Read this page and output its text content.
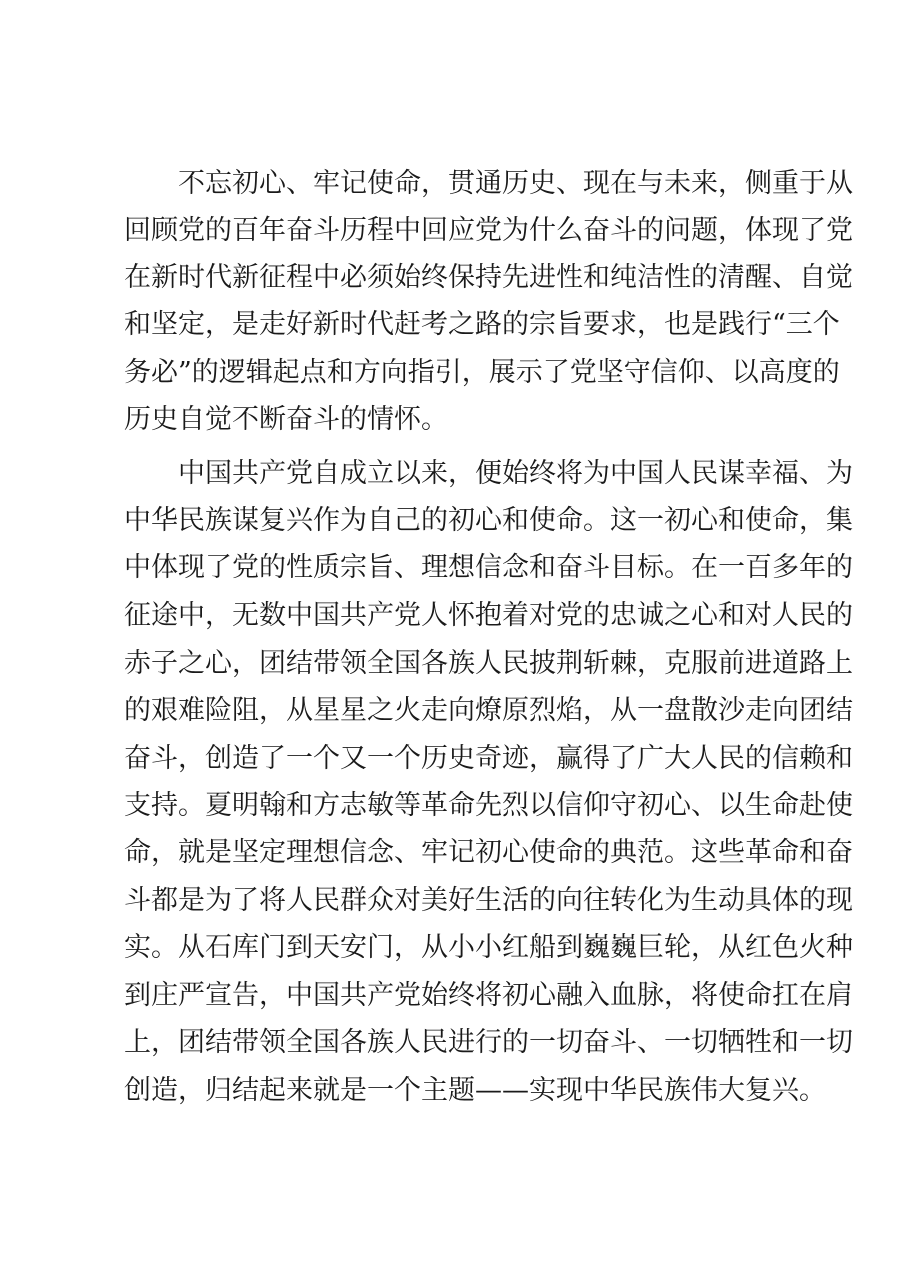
不忘初心、牢记使命，贯通历史、现在与未来，侧重于从
回顾党的百年奋斗历程中回应党为什么奋斗的问题，体现了党
在新时代新征程中必须始终保持先进性和纯洁性的清醒、自觉
和坚定，是走好新时代赶考之路的宗旨要求，也是践行“三个
务必”的逻辑起点和方向指引，展示了党坚守信仰、以高度的
历史自觉不断奋斗的情怀。
中国共产党自成立以来，便始终将为中国人民谋幸福、为
中华民族谋复兴作为自己的初心和使命。这一初心和使命，集
中体现了党的性质宗旨、理想信念和奋斗目标。在一百多年的
征途中，无数中国共产党人怀抱着对党的忠诚之心和对人民的
赤子之心，团结带领全国各族人民披荆斩棘，克服前进道路上
的艰难险阻，从星星之火走向燎原烈焰，从一盘散沙走向团结
奋斗，创造了一个又一个历史奇迹，赢得了广大人民的信赖和
支持。夏明翰和方志敏等革命先烈以信仰守初心、以生命赴使
命，就是坚定理想信念、牢记初心使命的典范。这些革命和奋
斗都是为了将人民群众对美好生活的向往转化为生动具体的现
实。从石库门到天安门，从小小红船到巍巍巨轮，从红色火种
到庄严宣告，中国共产党始终将初心融入血脉，将使命扛在肩
上，团结带领全国各族人民进行的一切奋斗、一切牺牲和一切
创造，归结起来就是一个主题——实现中华民族伟大复兴。
